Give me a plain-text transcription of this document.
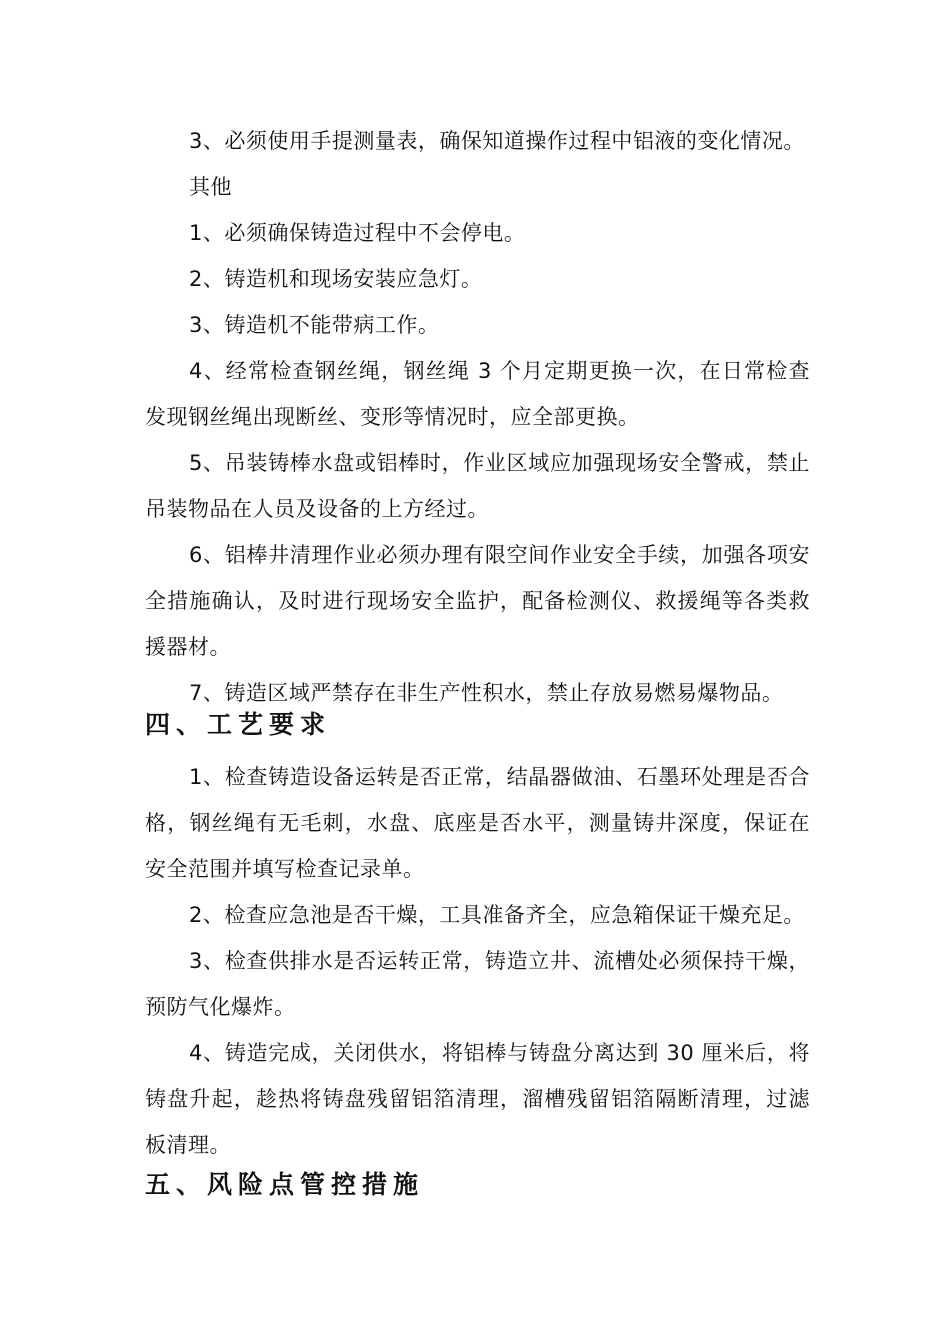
3、必须使用手提测量表，确保知道操作过程中铝液的变化情况。

其他

1、必须确保铸造过程中不会停电。

2、铸造机和现场安装应急灯。

3、铸造机不能带病工作。

4、经常检查钢丝绳，钢丝绳 3 个月定期更换一次，在日常检查发现钢丝绳出现断丝、变形等情况时，应全部更换。

5、吊装铸棒水盘或铝棒时，作业区域应加强现场安全警戒，禁止吊装物品在人员及设备的上方经过。

6、铝棒井清理作业必须办理有限空间作业安全手续，加强各项安全措施确认，及时进行现场安全监护，配备检测仪、救援绳等各类救援器材。

7、铸造区域严禁存在非生产性积水，禁止存放易燃易爆物品。

四、工艺要求

1、检查铸造设备运转是否正常，结晶器做油、石墨环处理是否合格，钢丝绳有无毛刺，水盘、底座是否水平，测量铸井深度，保证在安全范围并填写检查记录单。

2、检查应急池是否干燥，工具准备齐全，应急箱保证干燥充足。

3、检查供排水是否运转正常，铸造立井、流槽处必须保持干燥，预防气化爆炸。

4、铸造完成，关闭供水，将铝棒与铸盘分离达到 30 厘米后，将铸盘升起，趁热将铸盘残留铝箔清理，溜槽残留铝箔隔断清理，过滤板清理。

五、风险点管控措施
